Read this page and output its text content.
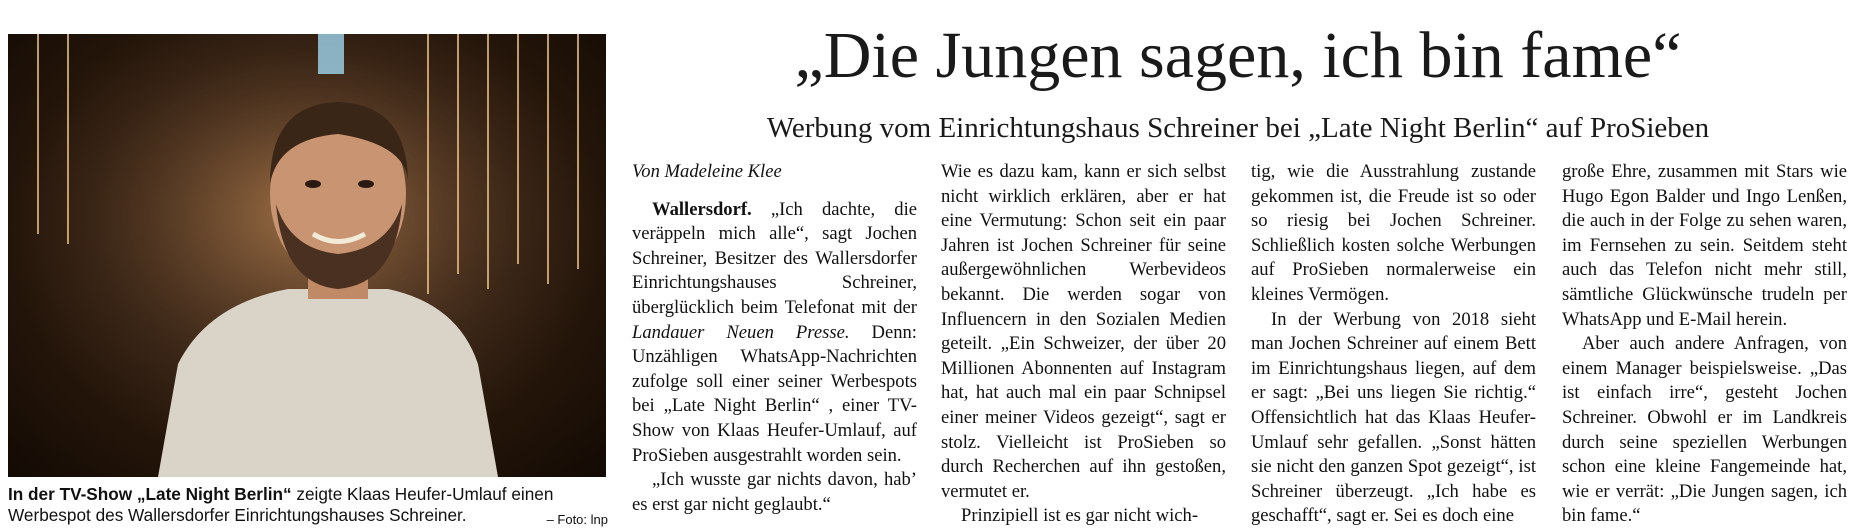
In der TV-Show „Late Night Berlin“ zeigte Klaas Heufer-Umlauf einen Werbespot des Wallersdorfer Einrichtungshauses Schreiner.	– Foto: lnp
„Die Jungen sagen, ich bin fame“
Werbung vom Einrichtungshaus Schreiner bei „Late Night Berlin“ auf ProSieben

Von Madeleine Klee

Wallersdorf. „Ich dachte, die veräppeln mich alle“, sagt Jochen Schreiner, Besitzer des Wallersdorfer Einrichtungshauses Schreiner, überglücklich beim Telefonat mit der Landauer Neuen Presse. Denn: Unzähligen WhatsApp-Nachrichten zufolge soll einer seiner Werbespots bei „Late Night Berlin“ , einer TV-Show von Klaas Heufer-Umlauf, auf ProSieben ausgestrahlt worden sein.

„Ich wusste gar nichts davon, hab’ es erst gar nicht geglaubt.“

Wie es dazu kam, kann er sich selbst nicht wirklich erklären, aber er hat eine Vermutung: Schon seit ein paar Jahren ist Jochen Schreiner für seine außergewöhnlichen Werbevideos bekannt. Die werden sogar von Influencern in den Sozialen Medien geteilt. „Ein Schweizer, der über 20 Millionen Abonnenten auf Instagram hat, hat auch mal ein paar Schnipsel einer meiner Videos gezeigt“, sagt er stolz. Vielleicht ist ProSieben so durch Recherchen auf ihn gestoßen, vermutet er.

Prinzipiell ist es gar nicht wich-

tig, wie die Ausstrahlung zustande gekommen ist, die Freude ist so oder so riesig bei Jochen Schreiner. Schließlich kosten solche Werbungen auf ProSieben normalerweise ein kleines Vermögen.

In der Werbung von 2018 sieht man Jochen Schreiner auf einem Bett im Einrichtungshaus liegen, auf dem er sagt: „Bei uns liegen Sie richtig.“ Offensichtlich hat das Klaas Heufer-Umlauf sehr gefallen. „Sonst hätten sie nicht den ganzen Spot gezeigt“, ist Schreiner überzeugt. „Ich habe es geschafft“, sagt er. Sei es doch eine

große Ehre, zusammen mit Stars wie Hugo Egon Balder und Ingo Lenßen, die auch in der Folge zu sehen waren, im Fernsehen zu sein. Seitdem steht auch das Telefon nicht mehr still, sämtliche Glückwünsche trudeln per WhatsApp und E-Mail herein.

Aber auch andere Anfragen, von einem Manager beispielsweise. „Das ist einfach irre“, gesteht Jochen Schreiner. Obwohl er im Landkreis durch seine speziellen Werbungen schon eine kleine Fangemeinde hat, wie er verrät: „Die Jungen sagen, ich bin fame.“
